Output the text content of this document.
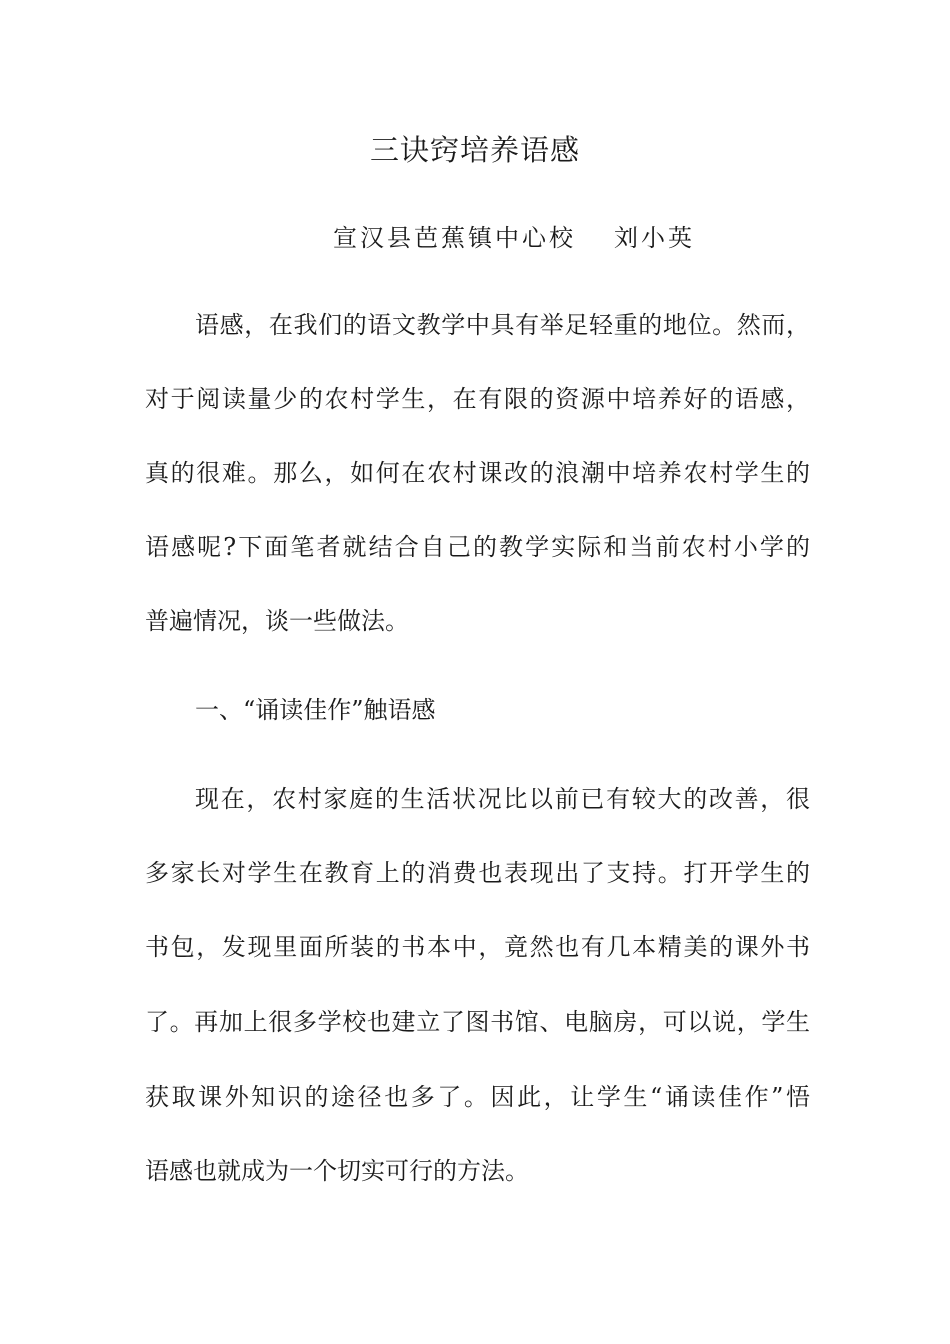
三诀窍培养语感
宣汉县芭蕉镇中心校 刘小英
语感，在我们的语文教学中具有举足轻重的地位。然而，
对于阅读量少的农村学生，在有限的资源中培养好的语感，
真的很难。那么，如何在农村课改的浪潮中培养农村学生的
语感呢?下面笔者就结合自己的教学实际和当前农村小学的
普遍情况，谈一些做法。
一、“诵读佳作”触语感
现在，农村家庭的生活状况比以前已有较大的改善，很
多家长对学生在教育上的消费也表现出了支持。打开学生的
书包，发现里面所装的书本中，竟然也有几本精美的课外书
了。再加上很多学校也建立了图书馆、电脑房，可以说，学生
获取课外知识的途径也多了。因此，让学生“诵读佳作”悟
语感也就成为一个切实可行的方法。
